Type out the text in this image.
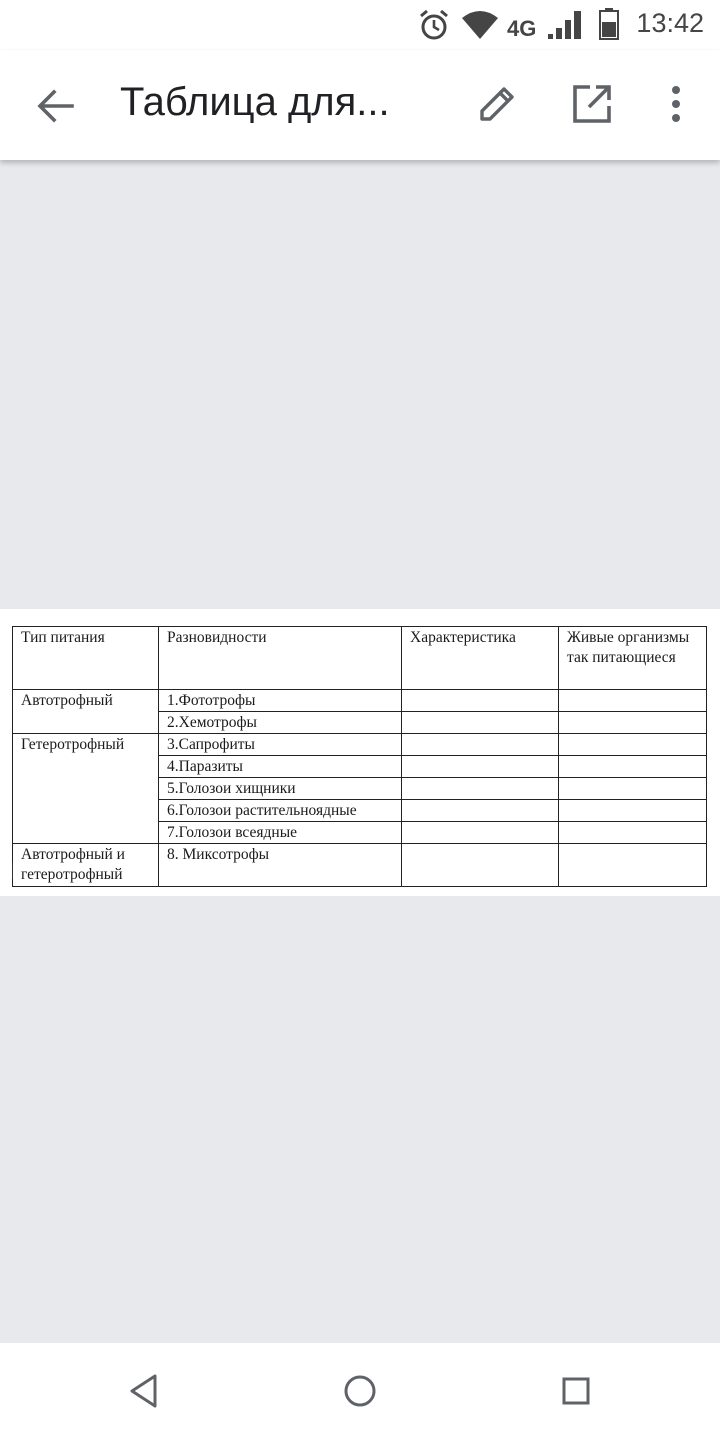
4G	13:42
Таблица для...
Тип питания	Разновидности	Характеристика	Живые организмы так питающиеся
Автотрофный	1.Фототрофы		
	2.Хемотрофы		
Гетеротрофный	3.Сапрофиты		
	4.Паразиты		
	5.Голозои хищники		
	6.Голозои растительноядные		
	7.Голозои всеядные		
Автотрофный и гетеротрофный	8. Миксотрофы		
